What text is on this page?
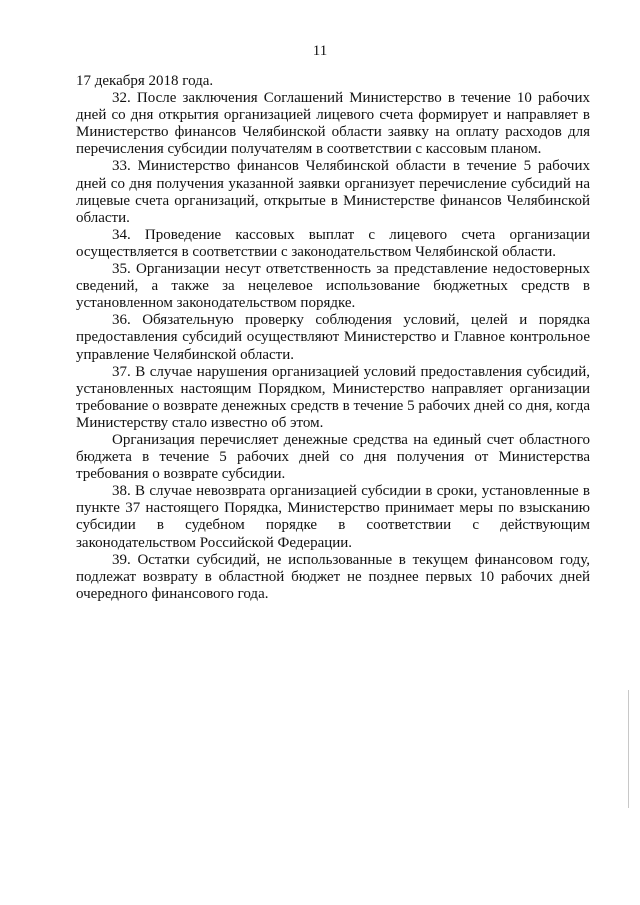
11

17 декабря 2018 года.

32. После заключения Соглашений Министерство в течение 10 рабочих дней со дня открытия организацией лицевого счета формирует и направляет в Министерство финансов Челябинской области заявку на оплату расходов для перечисления субсидии получателям в соответствии с кассовым планом.

33. Министерство финансов Челябинской области в течение 5 рабочих дней со дня получения указанной заявки организует перечисление субсидий на лицевые счета организаций, открытые в Министерстве финансов Челябинской области.

34. Проведение кассовых выплат с лицевого счета организации осуществляется в соответствии с законодательством Челябинской области.

35. Организации несут ответственность за представление недостоверных сведений, а также за нецелевое использование бюджетных средств в установленном законодательством порядке.

36. Обязательную проверку соблюдения условий, целей и порядка предоставления субсидий осуществляют Министерство и Главное контрольное управление Челябинской области.

37. В случае нарушения организацией условий предоставления субсидий, установленных настоящим Порядком, Министерство направляет организации требование о возврате денежных средств в течение 5 рабочих дней со дня, когда Министерству стало известно об этом.

Организация перечисляет денежные средства на единый счет областного бюджета в течение 5 рабочих дней со дня получения от Министерства требования о возврате субсидии.

38. В случае невозврата организацией субсидии в сроки, установленные в пункте 37 настоящего Порядка, Министерство принимает меры по взысканию субсидии в судебном порядке в соответствии с действующим законодательством Российской Федерации.

39. Остатки субсидий, не использованные в текущем финансовом году, подлежат возврату в областной бюджет не позднее первых 10 рабочих дней очередного финансового года.
